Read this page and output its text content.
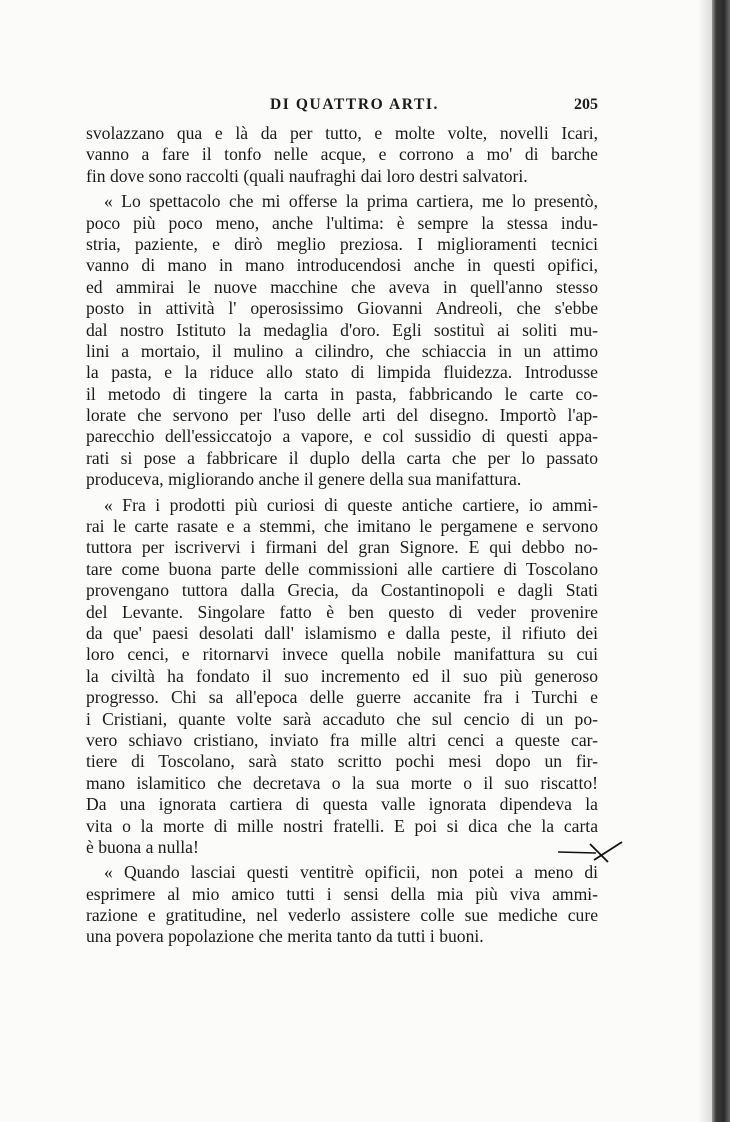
DI QUATTRO ARTI.	205
svolazzano qua e là da per tutto, e molte volte, novelli Icari,
vanno a fare il tonfo nelle acque, e corrono a mo' di barche
fin dove sono raccolti (quali naufraghi dai loro destri salvatori.
« Lo spettacolo che mi offerse la prima cartiera, me lo presentò,
poco più poco meno, anche l'ultima: è sempre la stessa indu-
stria, paziente, e dirò meglio preziosa. I miglioramenti tecnici
vanno di mano in mano introducendosi anche in questi opifici,
ed ammirai le nuove macchine che aveva in quell'anno stesso
posto in attività l' operosissimo Giovanni Andreoli, che s'ebbe
dal nostro Istituto la medaglia d'oro. Egli sostituì ai soliti mu-
lini a mortaio, il mulino a cilindro, che schiaccia in un attimo
la pasta, e la riduce allo stato di limpida fluidezza. Introdusse
il metodo di tingere la carta in pasta, fabbricando le carte co-
lorate che servono per l'uso delle arti del disegno. Importò l'ap-
parecchio dell'essiccatojo a vapore, e col sussidio di questi appa-
rati si pose a fabbricare il duplo della carta che per lo passato
produceva, migliorando anche il genere della sua manifattura.
« Fra i prodotti più curiosi di queste antiche cartiere, io ammi-
rai le carte rasate e a stemmi, che imitano le pergamene e servono
tuttora per iscrivervi i firmani del gran Signore. E qui debbo no-
tare come buona parte delle commissioni alle cartiere di Toscolano
provengano tuttora dalla Grecia, da Costantinopoli e dagli Stati
del Levante. Singolare fatto è ben questo di veder provenire
da que' paesi desolati dall' islamismo e dalla peste, il rifiuto dei
loro cenci, e ritornarvi invece quella nobile manifattura su cui
la civiltà ha fondato il suo incremento ed il suo più generoso
progresso. Chi sa all'epoca delle guerre accanite fra i Turchi e
i Cristiani, quante volte sarà accaduto che sul cencio di un po-
vero schiavo cristiano, inviato fra mille altri cenci a queste car-
tiere di Toscolano, sarà stato scritto pochi mesi dopo un fir-
mano islamitico che decretava o la sua morte o il suo riscatto!
Da una ignorata cartiera di questa valle ignorata dipendeva la
vita o la morte di mille nostri fratelli. E poi si dica che la carta
è buona a nulla!
« Quando lasciai questi ventitrè opificii, non potei a meno di
esprimere al mio amico tutti i sensi della mia più viva ammi-
razione e gratitudine, nel vederlo assistere colle sue mediche cure
una povera popolazione che merita tanto da tutti i buoni.
